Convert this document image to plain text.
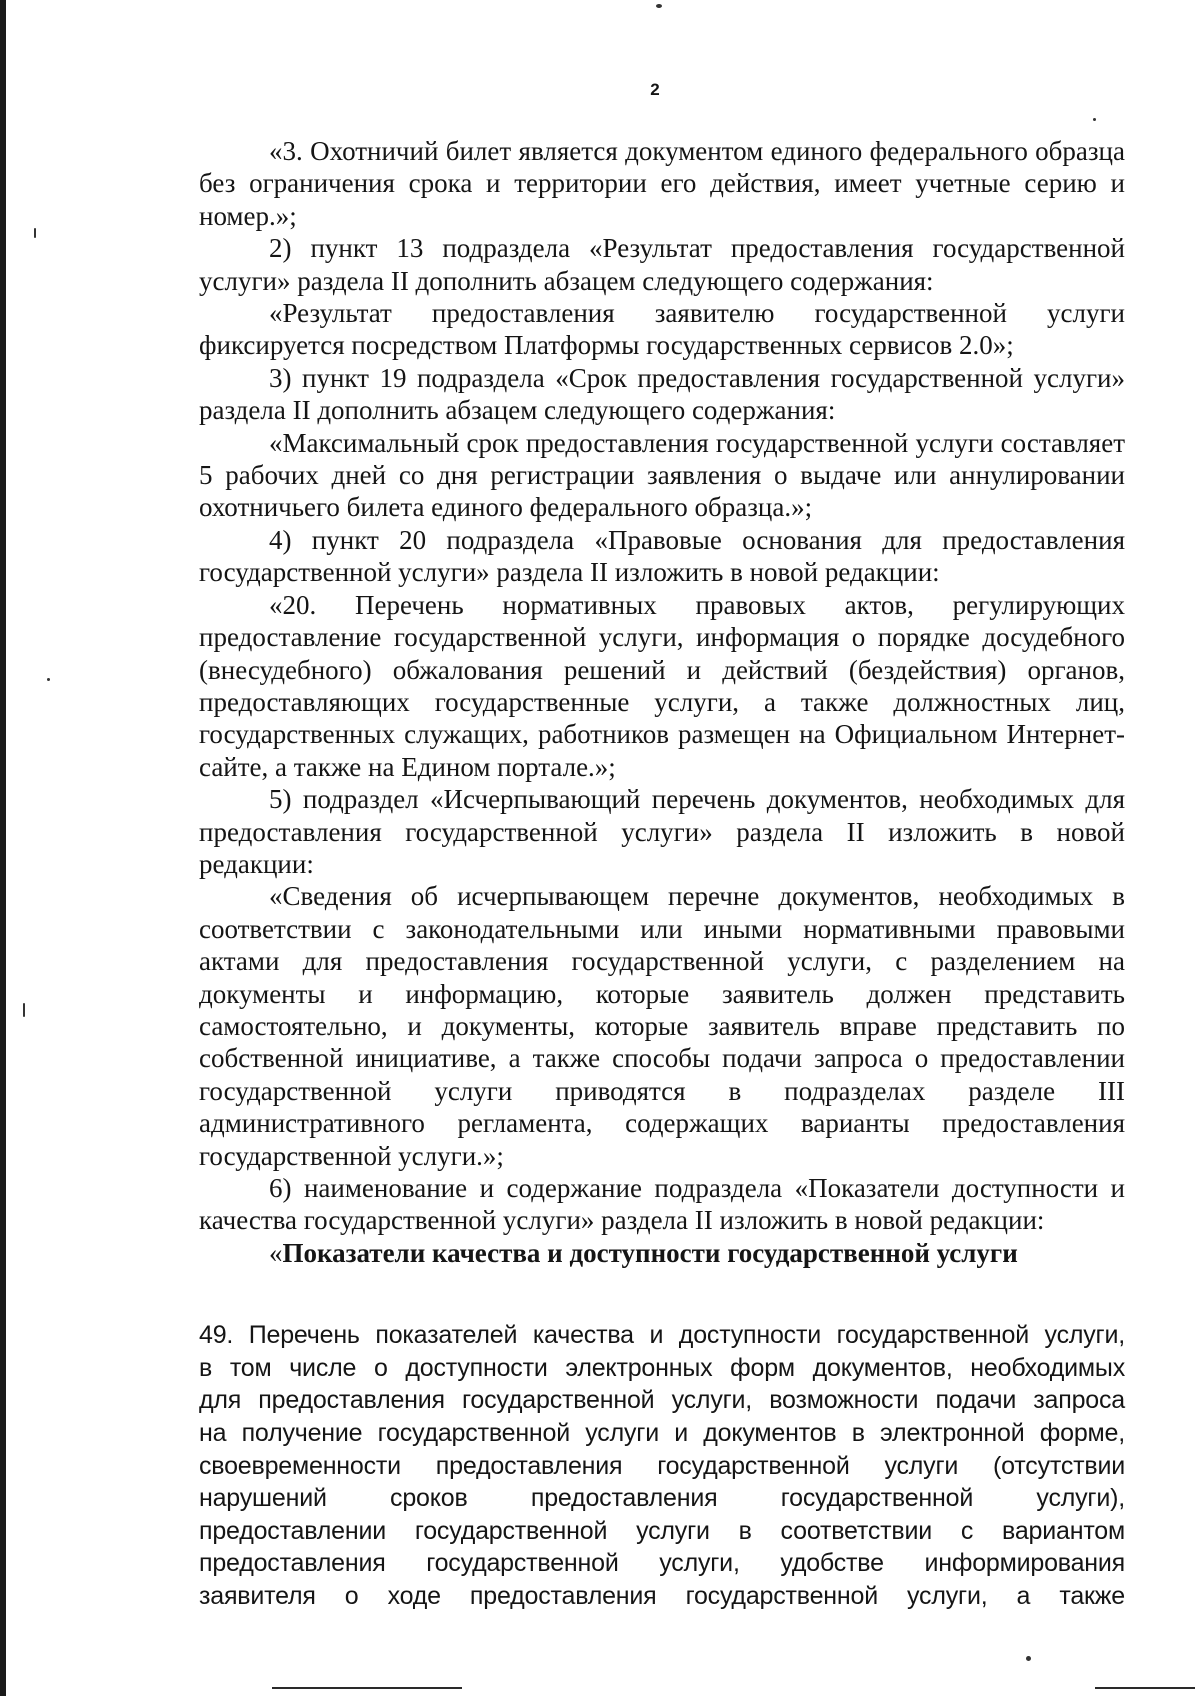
2

«3. Охотничий билет является документом единого федерального образца без ограничения срока и территории его действия, имеет учетные серию и номер.»;

2) пункт 13 подраздела «Результат предоставления государственной услуги» раздела II дополнить абзацем следующего содержания:

«Результат предоставления заявителю государственной услуги фиксируется посредством Платформы государственных сервисов 2.0»;

3) пункт 19 подраздела «Срок предоставления государственной услуги» раздела II дополнить абзацем следующего содержания:

«Максимальный срок предоставления государственной услуги составляет 5 рабочих дней со дня регистрации заявления о выдаче или аннулировании охотничьего билета единого федерального образца.»;

4) пункт 20 подраздела «Правовые основания для предоставления государственной услуги» раздела II изложить в новой редакции:

«20. Перечень нормативных правовых актов, регулирующих предоставление государственной услуги, информация о порядке досудебного (внесудебного) обжалования решений и действий (бездействия) органов, предоставляющих государственные услуги, а также должностных лиц, государственных служащих, работников размещен на Официальном Интернет-сайте, а также на Едином портале.»;

5) подраздел «Исчерпывающий перечень документов, необходимых для предоставления государственной услуги» раздела II изложить в новой редакции:

«Сведения об исчерпывающем перечне документов, необходимых в соответствии с законодательными или иными нормативными правовыми актами для предоставления государственной услуги, с разделением на документы и информацию, которые заявитель должен представить самостоятельно, и документы, которые заявитель вправе представить по собственной инициативе, а также способы подачи запроса о предоставлении государственной услуги приводятся в подразделах разделе III административного регламента, содержащих варианты предоставления государственной услуги.»;

6) наименование и содержание подраздела «Показатели доступности и качества государственной услуги» раздела II изложить в новой редакции:

«Показатели качества и доступности государственной услуги

49. Перечень показателей качества и доступности государственной услуги,

в том числе о доступности электронных форм документов, необходимых

для предоставления государственной услуги, возможности подачи запроса

на получение государственной услуги и документов в электронной форме,

своевременности предоставления государственной услуги (отсутствии

нарушений сроков предоставления государственной услуги),

предоставлении государственной услуги в соответствии с вариантом

предоставления государственной услуги, удобстве информирования

заявителя о ходе предоставления государственной услуги, а также
